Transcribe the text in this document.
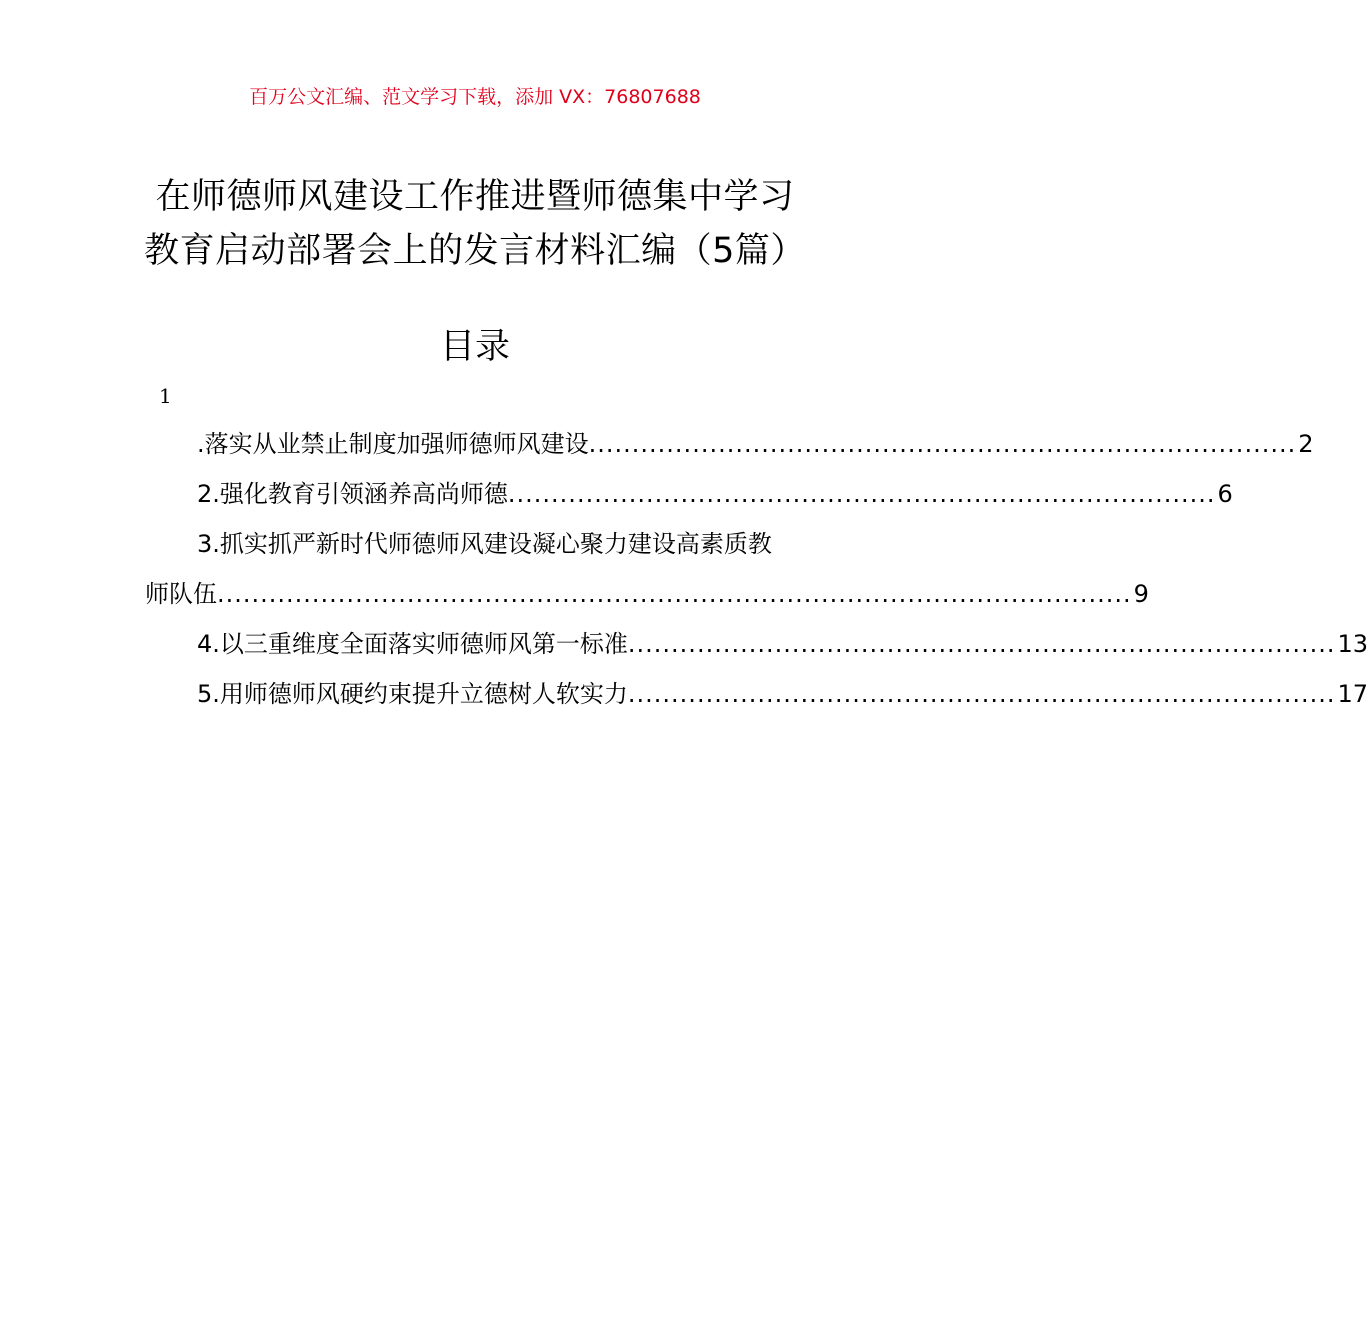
百万公文汇编、范文学习下载，添加 VX：76807688
在师德师风建设工作推进暨师德集中学习
教育启动部署会上的发言材料汇编（5篇）
目录
1
.落实从业禁止制度加强师德师风建设 .................................................................................. 2
2.强化教育引领涵养高尚师德 .................................................................................. 6
3.抓实抓严新时代师德师风建设凝心聚力建设高素质教
师队伍 .......................................................................................................... 9
4.以三重维度全面落实师德师风第一标准 .................................................................................. 13
5.用师德师风硬约束提升立德树人软实力 .................................................................................. 17
